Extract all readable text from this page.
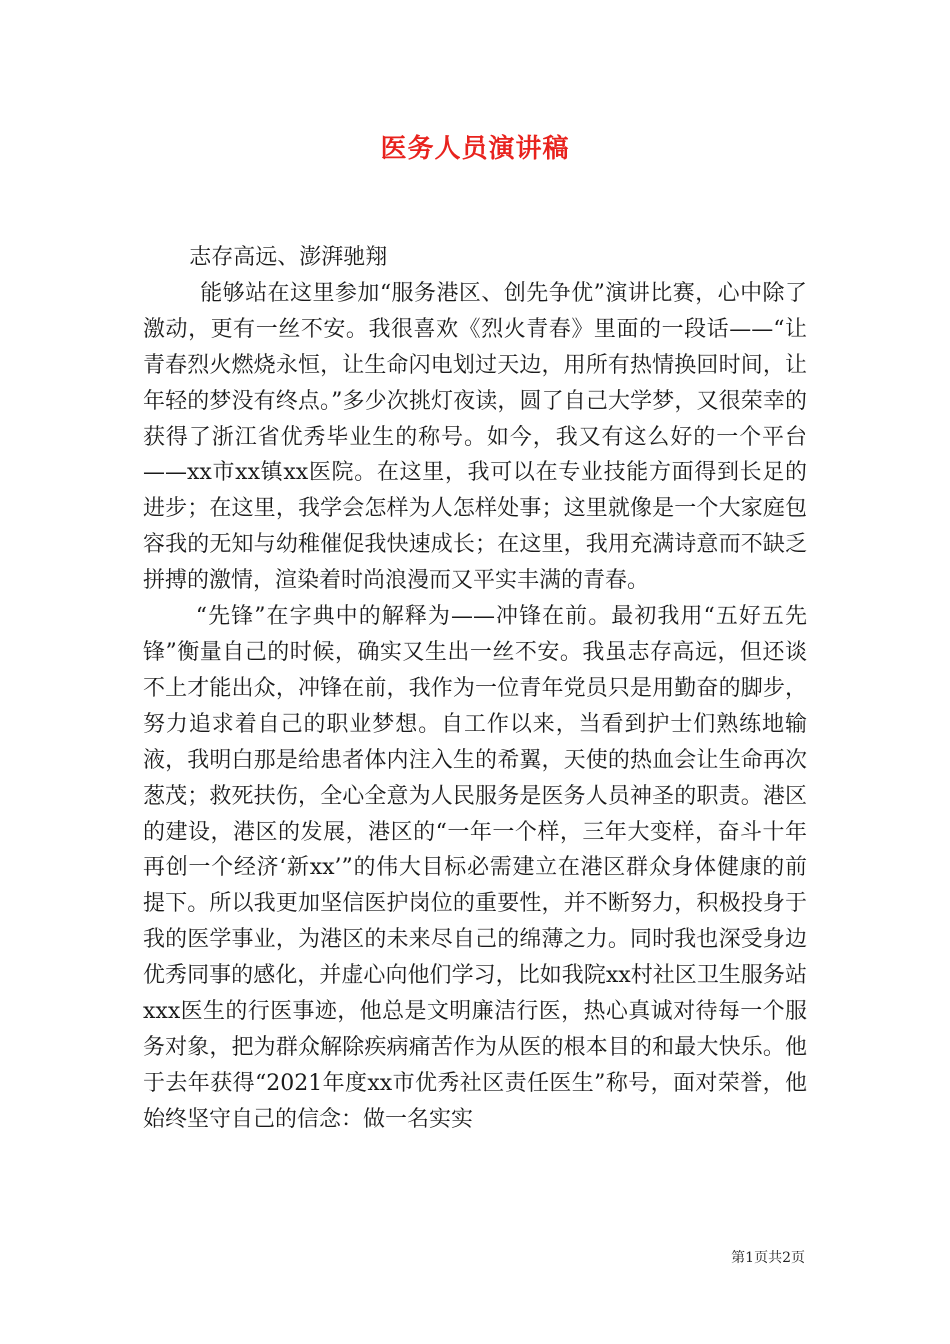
医务人员演讲稿

志存高远、澎湃驰翔

能够站在这里参加“服务港区、创先争优”演讲比赛，心中除了激动，更有一丝不安。我很喜欢《烈火青春》里面的一段话——“让青春烈火燃烧永恒，让生命闪电划过天边，用所有热情换回时间，让年轻的梦没有终点。”多少次挑灯夜读，圆了自己大学梦，又很荣幸的获得了浙江省优秀毕业生的称号。如今，我又有这么好的一个平台——xx市xx镇xx医院。在这里，我可以在专业技能方面得到长足的进步；在这里，我学会怎样为人怎样处事；这里就像是一个大家庭包容我的无知与幼稚催促我快速成长；在这里，我用充满诗意而不缺乏拼搏的激情，渲染着时尚浪漫而又平实丰满的青春。

“先锋”在字典中的解释为——冲锋在前。最初我用“五好五先锋”衡量自己的时候，确实又生出一丝不安。我虽志存高远，但还谈不上才能出众，冲锋在前，我作为一位青年党员只是用勤奋的脚步，努力追求着自己的职业梦想。自工作以来，当看到护士们熟练地输液，我明白那是给患者体内注入生的希翼，天使的热血会让生命再次葱茂；救死扶伤，全心全意为人民服务是医务人员神圣的职责。港区的建设，港区的发展，港区的“一年一个样，三年大变样，奋斗十年再创一个经济‘新xx’”的伟大目标必需建立在港区群众身体健康的前提下。所以我更加坚信医护岗位的重要性，并不断努力，积极投身于我的医学事业，为港区的未来尽自己的绵薄之力。同时我也深受身边优秀同事的感化，并虚心向他们学习，比如我院xx村社区卫生服务站xxx医生的行医事迹，他总是文明廉洁行医，热心真诚对待每一个服务对象，把为群众解除疾病痛苦作为从医的根本目的和最大快乐。他于去年获得“2021年度xx市优秀社区责任医生”称号，面对荣誉，他始终坚守自己的信念：做一名实实

第1页共2页
